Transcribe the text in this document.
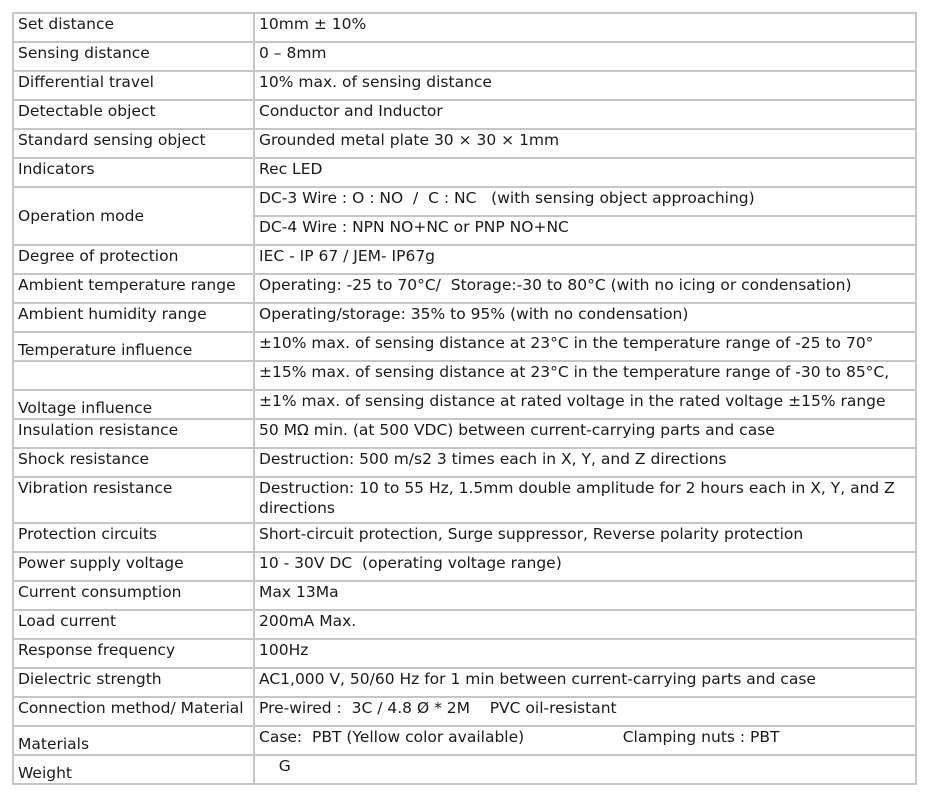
Set distance	10mm ± 10%
Sensing distance	0 – 8mm
Differential travel	10% max. of sensing distance
Detectable object	Conductor and Inductor
Standard sensing object	Grounded metal plate 30 × 30 × 1mm
Indicators	Rec LED
Operation mode	DC-3 Wire : O : NO  /  C : NC   (with sensing object approaching)
	DC-4 Wire : NPN NO+NC or PNP NO+NC
Degree of protection	IEC - IP 67 / JEM- IP67g
Ambient temperature range	Operating: -25 to 70°C/  Storage:-30 to 80°C (with no icing or condensation)
Ambient humidity range	Operating/storage: 35% to 95% (with no condensation)
Temperature influence	±10% max. of sensing distance at 23°C in the temperature range of -25 to 70°
	±15% max. of sensing distance at 23°C in the temperature range of -30 to 85°C,
Voltage influence	±1% max. of sensing distance at rated voltage in the rated voltage ±15% range
Insulation resistance	50 MΩ min. (at 500 VDC) between current-carrying parts and case
Shock resistance	Destruction: 500 m/s2 3 times each in X, Y, and Z directions
Vibration resistance	Destruction: 10 to 55 Hz, 1.5mm double amplitude for 2 hours each in X, Y, and Z directions
Protection circuits	Short-circuit protection, Surge suppressor, Reverse polarity protection
Power supply voltage	10 - 30V DC  (operating voltage range)
Current consumption	Max 13Ma
Load current	200mA Max.
Response frequency	100Hz
Dielectric strength	AC1,000 V, 50/60 Hz for 1 min between current-carrying parts and case
Connection method/ Material	Pre-wired :  3C / 4.8 Ø * 2M    PVC oil-resistant
Materials	Case:  PBT (Yellow color available)                    Clamping nuts : PBT
Weight	G
